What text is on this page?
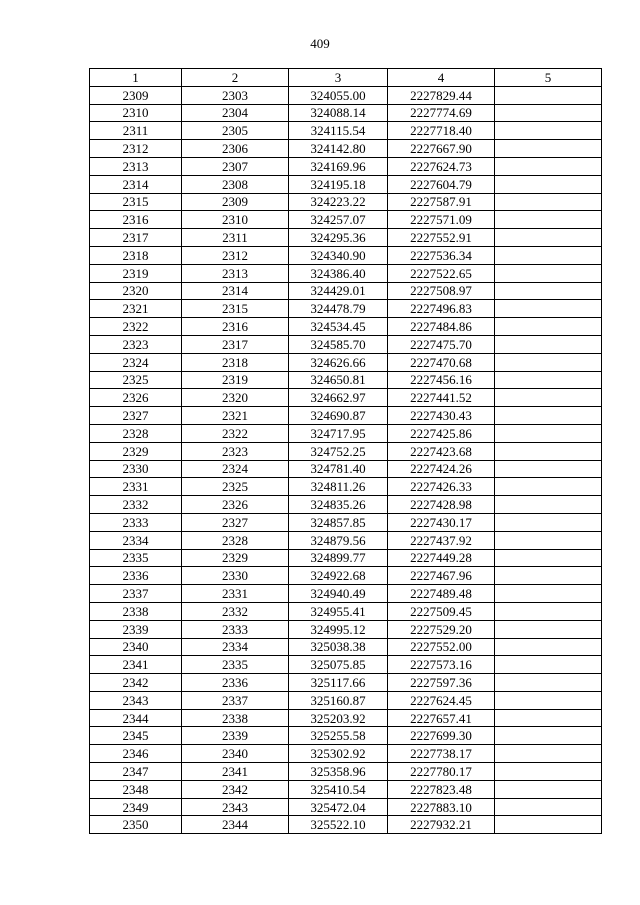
409
1	2	3	4	5
2309	2303	324055.00	2227829.44	
2310	2304	324088.14	2227774.69	
2311	2305	324115.54	2227718.40	
2312	2306	324142.80	2227667.90	
2313	2307	324169.96	2227624.73	
2314	2308	324195.18	2227604.79	
2315	2309	324223.22	2227587.91	
2316	2310	324257.07	2227571.09	
2317	2311	324295.36	2227552.91	
2318	2312	324340.90	2227536.34	
2319	2313	324386.40	2227522.65	
2320	2314	324429.01	2227508.97	
2321	2315	324478.79	2227496.83	
2322	2316	324534.45	2227484.86	
2323	2317	324585.70	2227475.70	
2324	2318	324626.66	2227470.68	
2325	2319	324650.81	2227456.16	
2326	2320	324662.97	2227441.52	
2327	2321	324690.87	2227430.43	
2328	2322	324717.95	2227425.86	
2329	2323	324752.25	2227423.68	
2330	2324	324781.40	2227424.26	
2331	2325	324811.26	2227426.33	
2332	2326	324835.26	2227428.98	
2333	2327	324857.85	2227430.17	
2334	2328	324879.56	2227437.92	
2335	2329	324899.77	2227449.28	
2336	2330	324922.68	2227467.96	
2337	2331	324940.49	2227489.48	
2338	2332	324955.41	2227509.45	
2339	2333	324995.12	2227529.20	
2340	2334	325038.38	2227552.00	
2341	2335	325075.85	2227573.16	
2342	2336	325117.66	2227597.36	
2343	2337	325160.87	2227624.45	
2344	2338	325203.92	2227657.41	
2345	2339	325255.58	2227699.30	
2346	2340	325302.92	2227738.17	
2347	2341	325358.96	2227780.17	
2348	2342	325410.54	2227823.48	
2349	2343	325472.04	2227883.10	
2350	2344	325522.10	2227932.21	
